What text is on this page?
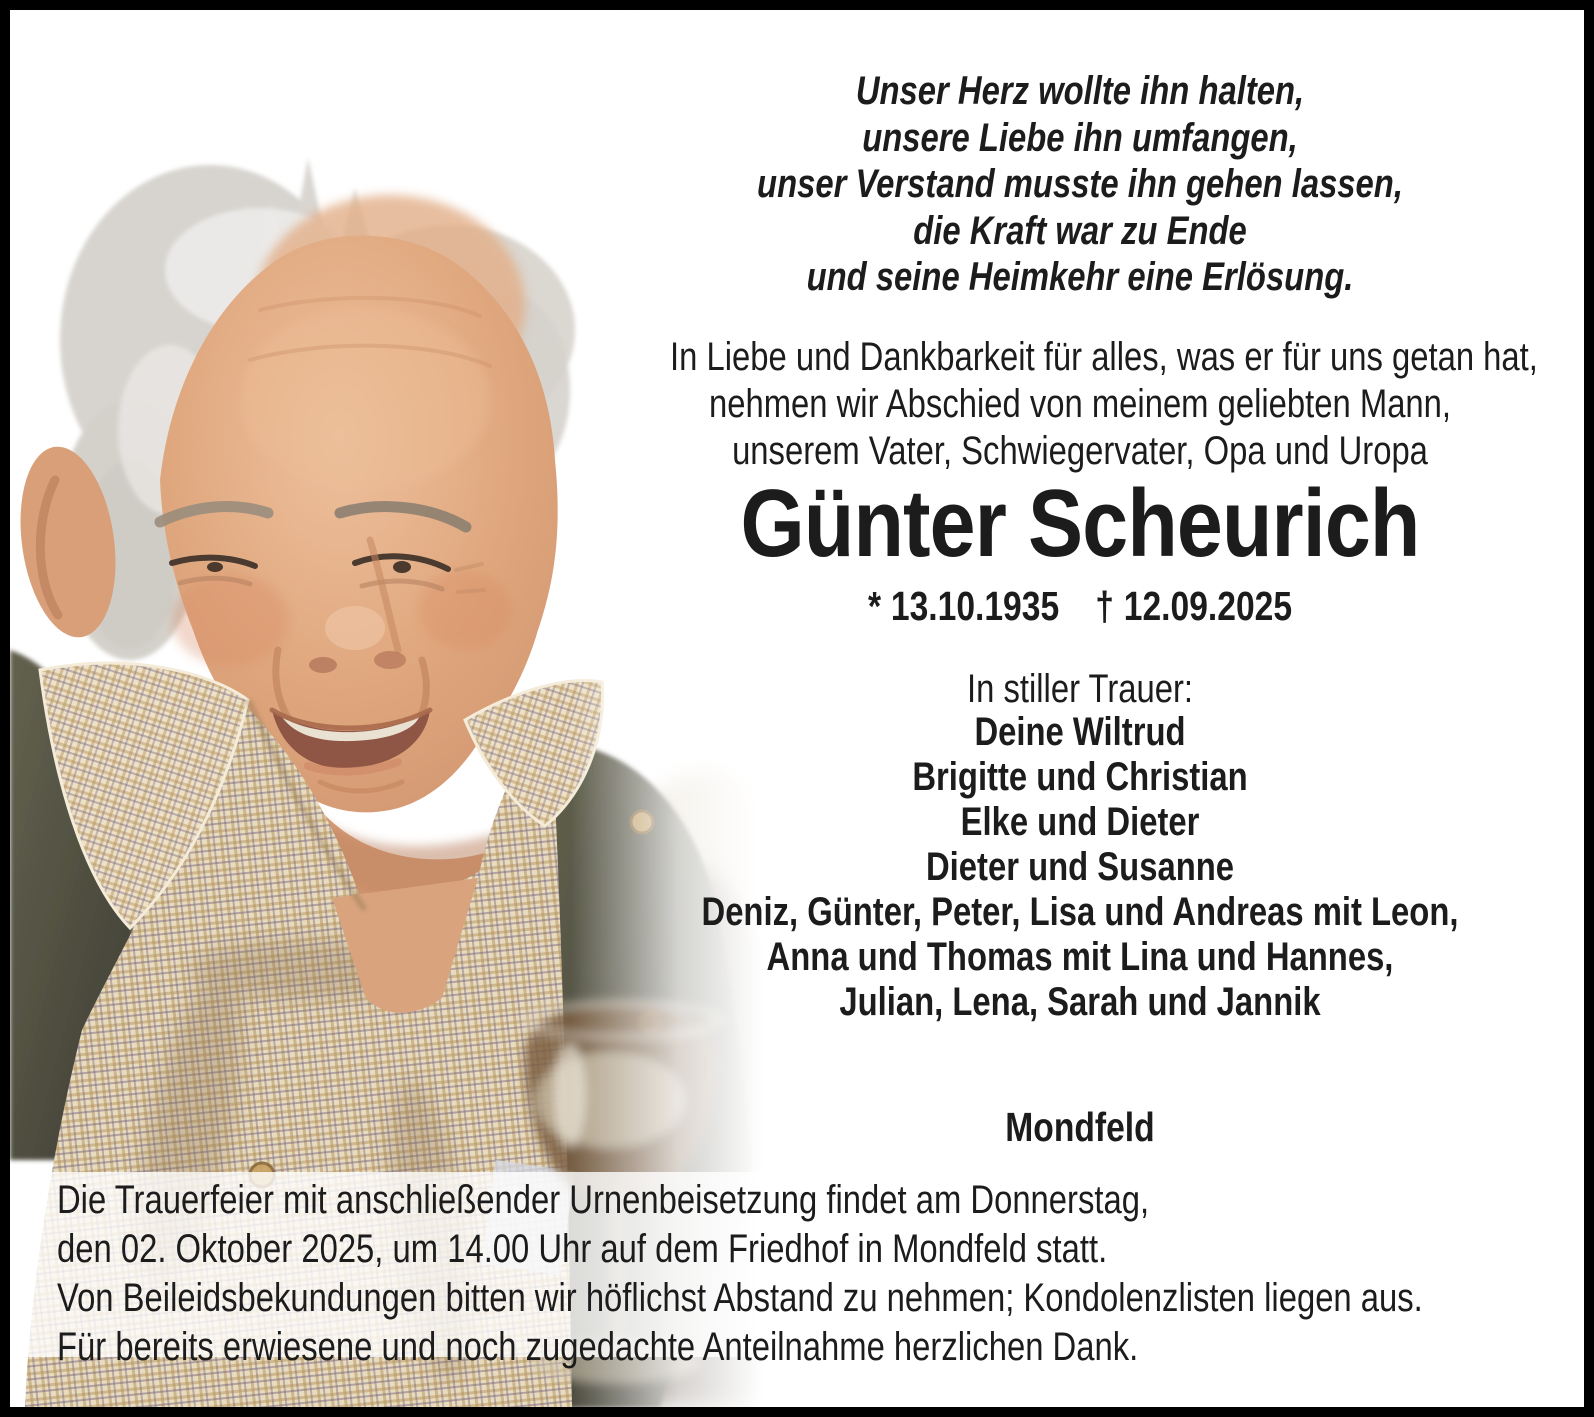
Unser Herz wollte ihn halten,
unsere Liebe ihn umfangen,
unser Verstand musste ihn gehen lassen,
die Kraft war zu Ende
und seine Heimkehr eine Erlösung.
In Liebe und Dankbarkeit für alles, was er für uns getan hat,
nehmen wir Abschied von meinem geliebten Mann,
unserem Vater, Schwiegervater, Opa und Uropa
Günter Scheurich
* 13.10.1935 † 12.09.2025
In stiller Trauer:
Deine Wiltrud
Brigitte und Christian
Elke und Dieter
Dieter und Susanne
Deniz, Günter, Peter, Lisa und Andreas mit Leon,
Anna und Thomas mit Lina und Hannes,
Julian, Lena, Sarah und Jannik
Mondfeld
Die Trauerfeier mit anschließender Urnenbeisetzung findet am Donnerstag,
den 02. Oktober 2025, um 14.00 Uhr auf dem Friedhof in Mondfeld statt.
Von Beileidsbekundungen bitten wir höflichst Abstand zu nehmen; Kondolenzlisten liegen aus.
Für bereits erwiesene und noch zugedachte Anteilnahme herzlichen Dank.
